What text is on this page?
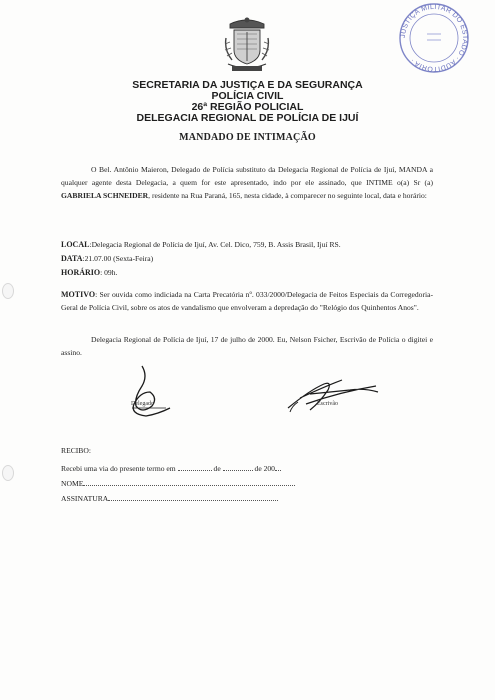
JUSTIÇA MILITAR DO ESTADO · AUDITORIA ·
SECRETARIA DA JUSTIÇA E DA SEGURANÇA
POLÍCIA CIVIL
26ª REGIÃO POLICIAL
DELEGACIA REGIONAL DE POLÍCIA DE IJUÍ
MANDADO DE INTIMAÇÃO
O Bel. Antônio Maieron, Delegado de Polícia substituto da Delegacia Regional de Polícia de Ijuí, MANDA a qualquer agente desta Delegacia, a quem for este apresentado, indo por ele assinado, que INTIME o(a) Sr (a) GABRIELA SCHNEIDER, residente na Rua Paraná, 165, nesta cidade, à comparecer no seguinte local, data e horário:
LOCAL:Delegacia Regional de Polícia de Ijuí, Av. Cel. Dico, 759, B. Assis Brasil, Ijuí RS.
DATA:21.07.00 (Sexta-Feira)
HORÁRIO: 09h.
MOTIVO: Ser ouvida como indiciada na Carta Precatória nº. 033/2000/Delegacia de Feitos Especiais da Corregedoria-Geral de Polícia Civil, sobre os atos de vandalismo que envolveram a depredação do "Relógio dos Quinhentos Anos".
Delegacia Regional de Polícia de Ijuí, 17 de julho de 2000. Eu, Nelson Fsicher, Escrivão de Polícia o digitei e assino.
Delegado	Escrivão
RECIBO:
Recebi uma via do presente termo em	de	de 200
NOME
ASSINATURA
